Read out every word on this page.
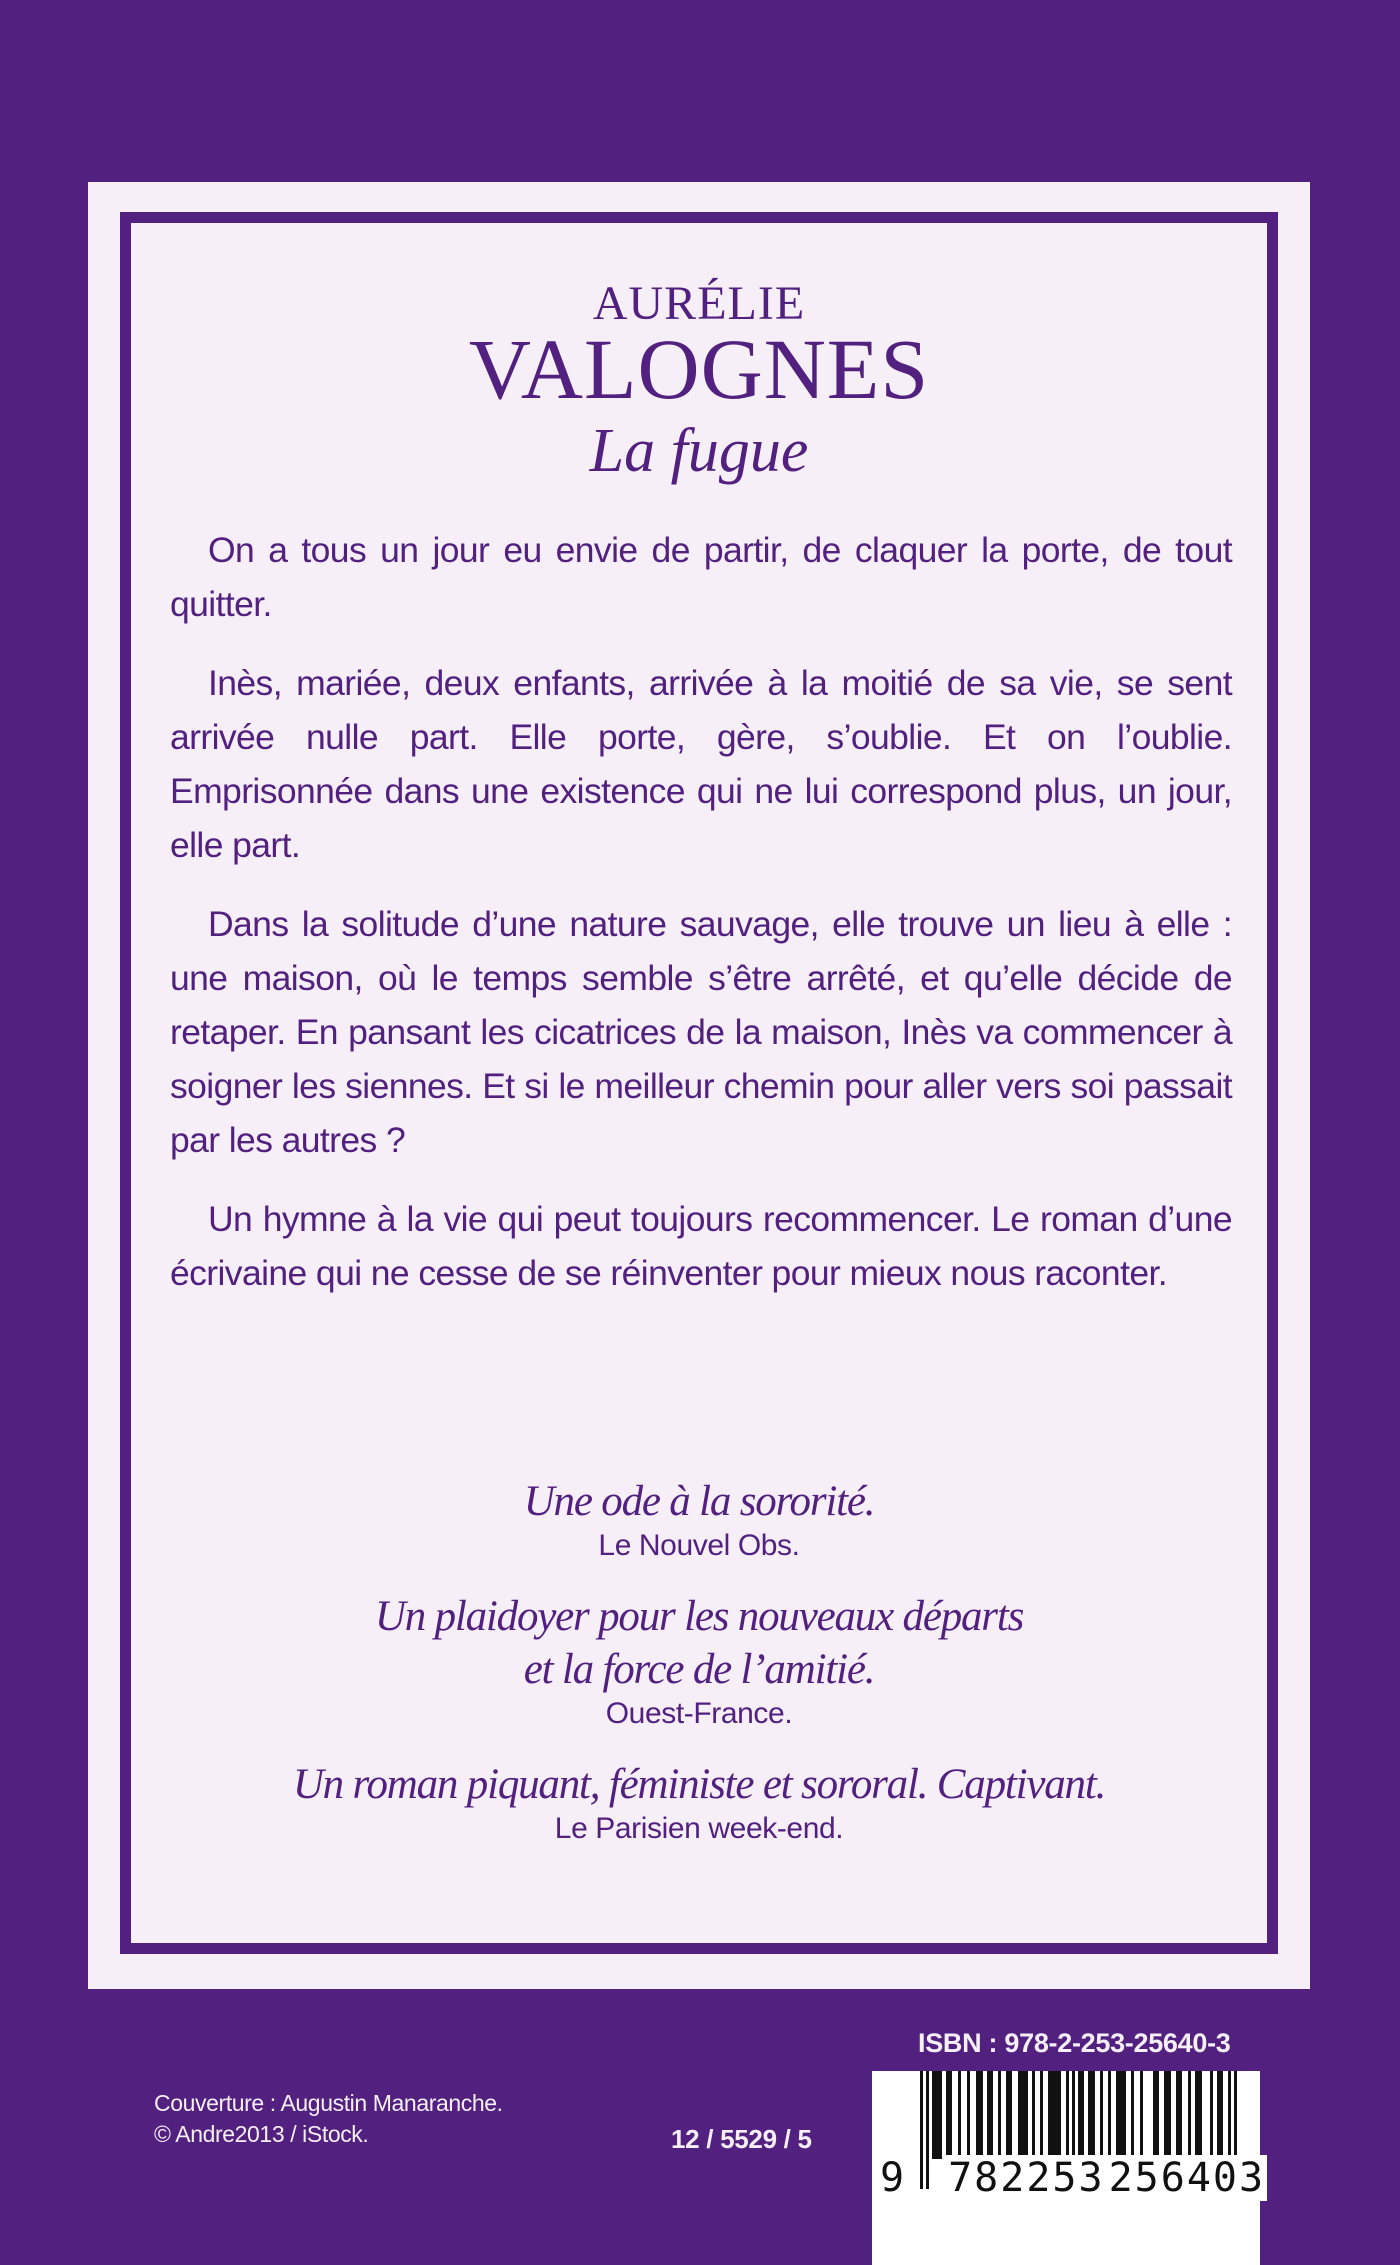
AURÉLIE
VALOGNES
La fugue

On a tous un jour eu envie de partir, de claquer la porte, de tout quitter.

Inès, mariée, deux enfants, arrivée à la moitié de sa vie, se sent arrivée nulle part. Elle porte, gère, s’oublie. Et on l’oublie. Emprisonnée dans une existence qui ne lui correspond plus, un jour, elle part.

Dans la solitude d’une nature sauvage, elle trouve un lieu à elle : une maison, où le temps semble s’être arrêté, et qu’elle décide de retaper. En pansant les cicatrices de la maison, Inès va commencer à soigner les siennes. Et si le meilleur chemin pour aller vers soi passait par les autres ?

Un hymne à la vie qui peut toujours recommencer. Le roman d’une écrivaine qui ne cesse de se réinventer pour mieux nous raconter.

Une ode à la sororité.
Le Nouvel Obs.
Un plaidoyer pour les nouveaux départs
et la force de l’amitié.
Ouest-France.
Un roman piquant, féministe et sororal. Captivant.
Le Parisien week-end.
ISBN : 978-2-253-25640-3
9 782253 256403
Couverture : Augustin Manaranche.
© Andre2013 / iStock.	12 / 5529 / 5
